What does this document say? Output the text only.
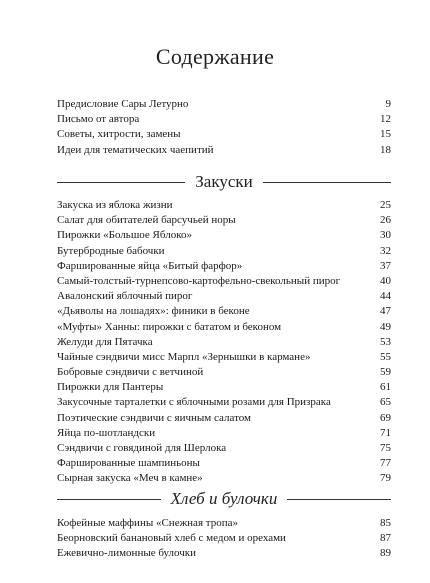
Содержание
Предисловие Сары Летурно	9
Письмо от автора	12
Советы, хитрости, замены	15
Идеи для тематических чаепитий	18
Закуски
Закуска из яблока жизни	25
Салат для обитателей барсучьей норы	26
Пирожки «Большое Яблоко»	30
Бутербродные бабочки	32
Фаршированные яйца «Битый фарфор»	37
Самый-толстый-турнепсово-картофельно-свекольный пирог	40
Авалонский яблочный пирог	44
«Дьяволы на лошадях»: финики в беконе	47
«Муфты» Ханны: пирожки с бататом и беконом	49
Желуди для Пятачка	53
Чайные сэндвичи мисс Марпл «Зернышки в кармане»	55
Бобровые сэндвичи с ветчиной	59
Пирожки для Пантеры	61
Закусочные тарталетки с яблочными розами для Призрака	65
Поэтические сэндвичи с яичным салатом	69
Яйца по-шотландски	71
Сэндвичи с говядиной для Шерлока	75
Фаршированные шампиньоны	77
Сырная закуска «Меч в камне»	79
Хлеб и булочки
Кофейные маффины «Снежная тропа»	85
Беорновский банановый хлеб с медом и орехами	87
Ежевично-лимонные булочки	89
